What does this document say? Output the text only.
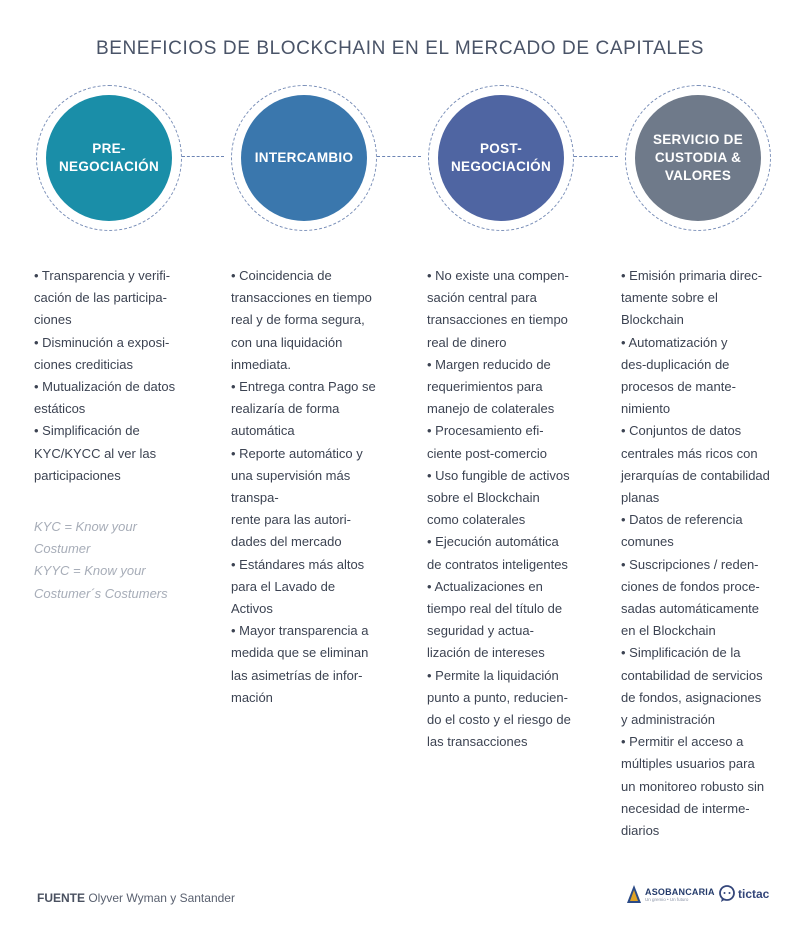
BENEFICIOS DE BLOCKCHAIN EN EL MERCADO DE CAPITALES
PRE-
NEGOCIACIÓN
INTERCAMBIO
POST-
NEGOCIACIÓN
SERVICIO DE
CUSTODIA &
VALORES
• Transparencia y verifi-
cación de las participa-
ciones
• Disminución a exposi-
ciones crediticias
• Mutualización de datos
estáticos
• Simplificación de
KYC/KYCC al ver las
participaciones
KYC = Know your
Costumer
KYYC = Know your
Costumer´s Costumers
• Coincidencia de
transacciones en tiempo
real y de forma segura,
con una liquidación
inmediata.
• Entrega contra Pago se
realizaría de forma
automática
• Reporte automático y
una supervisión más
transpa-
rente para las autori-
dades del mercado
• Estándares más altos
para el Lavado de
Activos
• Mayor transparencia a
medida que se eliminan
las asimetrías de infor-
mación
• No existe una compen-
sación central para
transacciones en tiempo
real de dinero
• Margen reducido de
requerimientos para
manejo de colaterales
• Procesamiento efi-
ciente post-comercio
• Uso fungible de activos
sobre el Blockchain
como colaterales
• Ejecución automática
de contratos inteligentes
• Actualizaciones en
tiempo real del título de
seguridad y actua-
lización de intereses
• Permite la liquidación
punto a punto, reducien-
do el costo y el riesgo de
las transacciones
• Emisión primaria direc-
tamente sobre el
Blockchain
• Automatización y
des-duplicación de
procesos de mante-
nimiento
• Conjuntos de datos
centrales más ricos con
jerarquías de contabilidad
planas
• Datos de referencia
comunes
• Suscripciones / reden-
ciones de fondos proce-
sadas automáticamente
en el Blockchain
• Simplificación de la
contabilidad de servicios
de fondos, asignaciones
y administración
• Permitir el acceso a
múltiples usuarios para
un monitoreo robusto sin
necesidad de interme-
diarios
FUENTE Olyver Wyman y Santander	ASOBANCARIA
Un gremio • Un futuro	tictac
